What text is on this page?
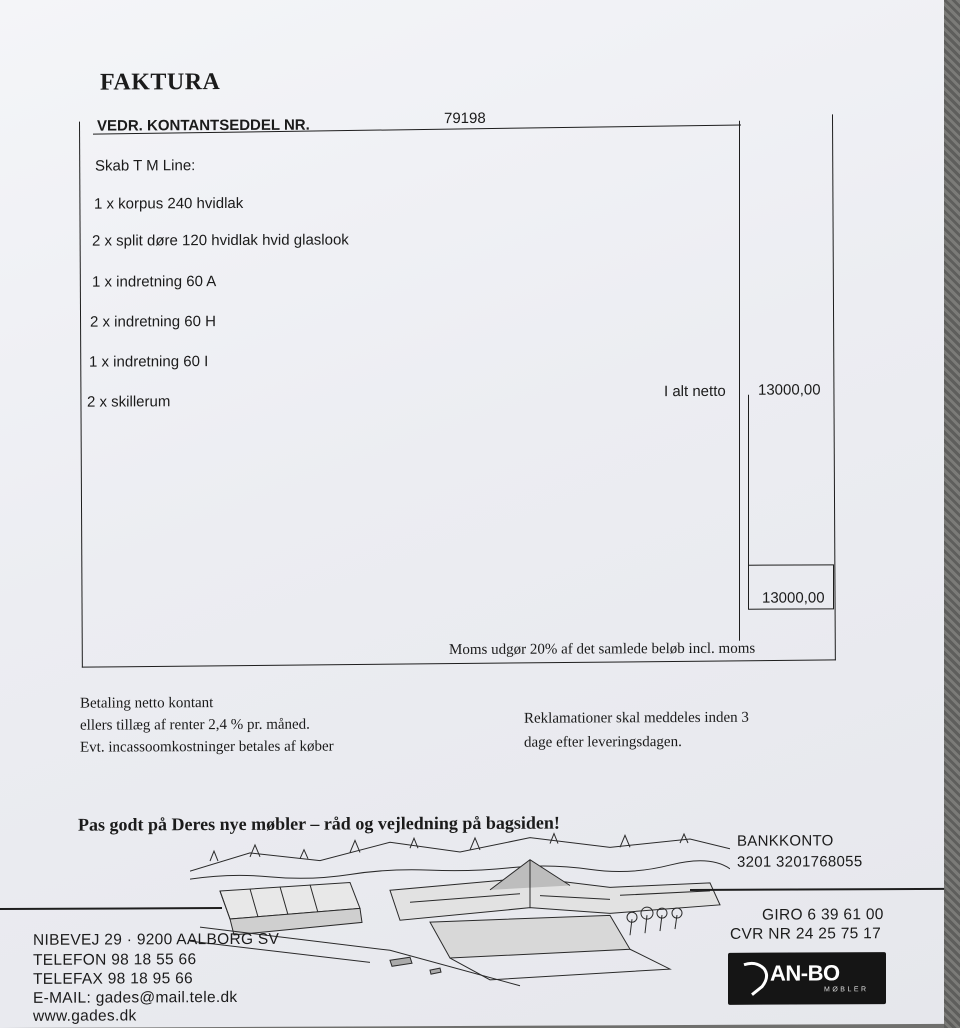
FAKTURA
VEDR. KONTANTSEDDEL NR.	79198
Skab T M Line:
1 x korpus 240 hvidlak
2 x split døre 120 hvidlak hvid glaslook
1 x indretning 60 A
2 x indretning 60 H
1 x indretning 60 I
2 x skillerum
I alt netto 13000,00
13000,00
Moms udgør 20% af det samlede beløb incl. moms
Betaling netto kontant
ellers tillæg af renter 2,4 % pr. måned.
Evt. incassoomkostninger betales af køber
Reklamationer skal meddeles inden 3
dage efter leveringsdagen.
Pas godt på Deres nye møbler – råd og vejledning på bagsiden!
BANKKONTO
3201 3201768055
GIRO 6 39 61 00
CVR NR 24 25 75 17
NIBEVEJ 29 · 9200 AALBORG SV
TELEFON 98 18 55 66
TELEFAX 98 18 95 66
E-MAIL: gades@mail.tele.dk
www.gades.dk
AN-BO
MØBLER
